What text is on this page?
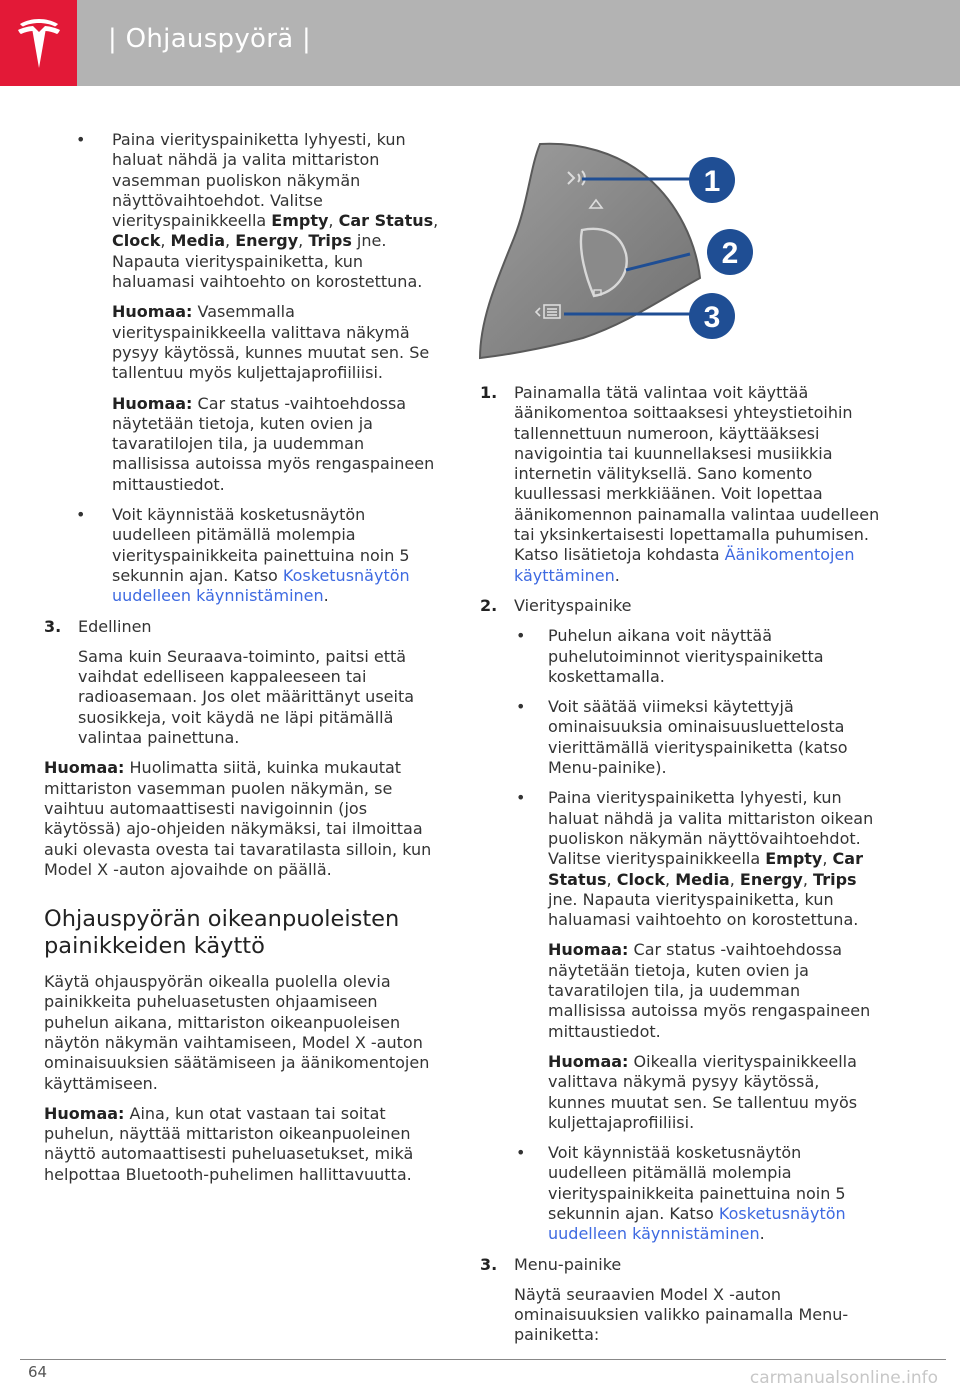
| Ohjauspyörä |

• Paina vierityspainiketta lyhyesti, kun haluat nähdä ja valita mittariston vasemman puoliskon näkymän näyttövaihtoehdot. Valitse vierityspainikkeella Empty, Car Status, Clock, Media, Energy, Trips jne. Napauta vierityspainiketta, kun haluamasi vaihtoehto on korostettuna.

Huomaa: Vasemmalla vierityspainikkeella valittava näkymä pysyy käytössä, kunnes muutat sen. Se tallentuu myös kuljettajaprofiiliisi.

Huomaa: Car status -vaihtoehdossa näytetään tietoja, kuten ovien ja tavaratilojen tila, ja uudemman mallisissa autoissa myös rengaspaineen mittaustiedot.

• Voit käynnistää kosketusnäytön uudelleen pitämällä molempia vierityspainikkeita painettuina noin 5 sekunnin ajan. Katso Kosketusnäytön uudelleen käynnistäminen.

3. Edellinen

Sama kuin Seuraava-toiminto, paitsi että vaihdat edelliseen kappaleeseen tai radioasemaan. Jos olet määrittänyt useita suosikkeja, voit käydä ne läpi pitämällä valintaa painettuna.

Huomaa: Huolimatta siitä, kuinka mukautat mittariston vasemman puolen näkymän, se vaihtuu automaattisesti navigoinnin (jos käytössä) ajo-ohjeiden näkymäksi, tai ilmoittaa auki olevasta ovesta tai tavaratilasta silloin, kun Model X -auton ajovaihde on päällä.

Ohjauspyörän oikeanpuoleisten painikkeiden käyttö

Käytä ohjauspyörän oikealla puolella olevia painikkeita puheluasetusten ohjaamiseen puhelun aikana, mittariston oikeanpuoleisen näytön näkymän vaihtamiseen, Model X -auton ominaisuuksien säätämiseen ja äänikomentojen käyttämiseen.

Huomaa: Aina, kun otat vastaan tai soitat puhelun, näyttää mittariston oikeanpuoleinen näyttö automaattisesti puheluasetukset, mikä helpottaa Bluetooth-puhelimen hallittavuutta.

1
2
3
1. Painamalla tätä valintaa voit käyttää äänikomentoa soittaaksesi yhteystietoihin tallennettuun numeroon, käyttääksesi navigointia tai kuunnellaksesi musiikkia internetin välityksellä. Sano komento kuullessasi merkkiäänen. Voit lopettaa äänikomennon painamalla valintaa uudelleen tai yksinkertaisesti lopettamalla puhumisen. Katso lisätietoja kohdasta Äänikomentojen käyttäminen.

2. Vierityspainike

• Puhelun aikana voit näyttää puhelutoiminnot vierityspainiketta koskettamalla.

• Voit säätää viimeksi käytettyjä ominaisuuksia ominaisuusluettelosta vierittämällä vierityspainiketta (katso Menu-painike).

• Paina vierityspainiketta lyhyesti, kun haluat nähdä ja valita mittariston oikean puoliskon näkymän näyttövaihtoehdot. Valitse vierityspainikkeella Empty, Car Status, Clock, Media, Energy, Trips jne. Napauta vierityspainiketta, kun haluamasi vaihtoehto on korostettuna.

Huomaa: Car status -vaihtoehdossa näytetään tietoja, kuten ovien ja tavaratilojen tila, ja uudemman mallisissa autoissa myös rengaspaineen mittaustiedot.

Huomaa: Oikealla vierityspainikkeella valittava näkymä pysyy käytössä, kunnes muutat sen. Se tallentuu myös kuljettajaprofiiliisi.

• Voit käynnistää kosketusnäytön uudelleen pitämällä molempia vierityspainikkeita painettuina noin 5 sekunnin ajan. Katso Kosketusnäytön uudelleen käynnistäminen.

3. Menu-painike

Näytä seuraavien Model X -auton ominaisuuksien valikko painamalla Menu-painiketta:

64	carmanualsonline.info
